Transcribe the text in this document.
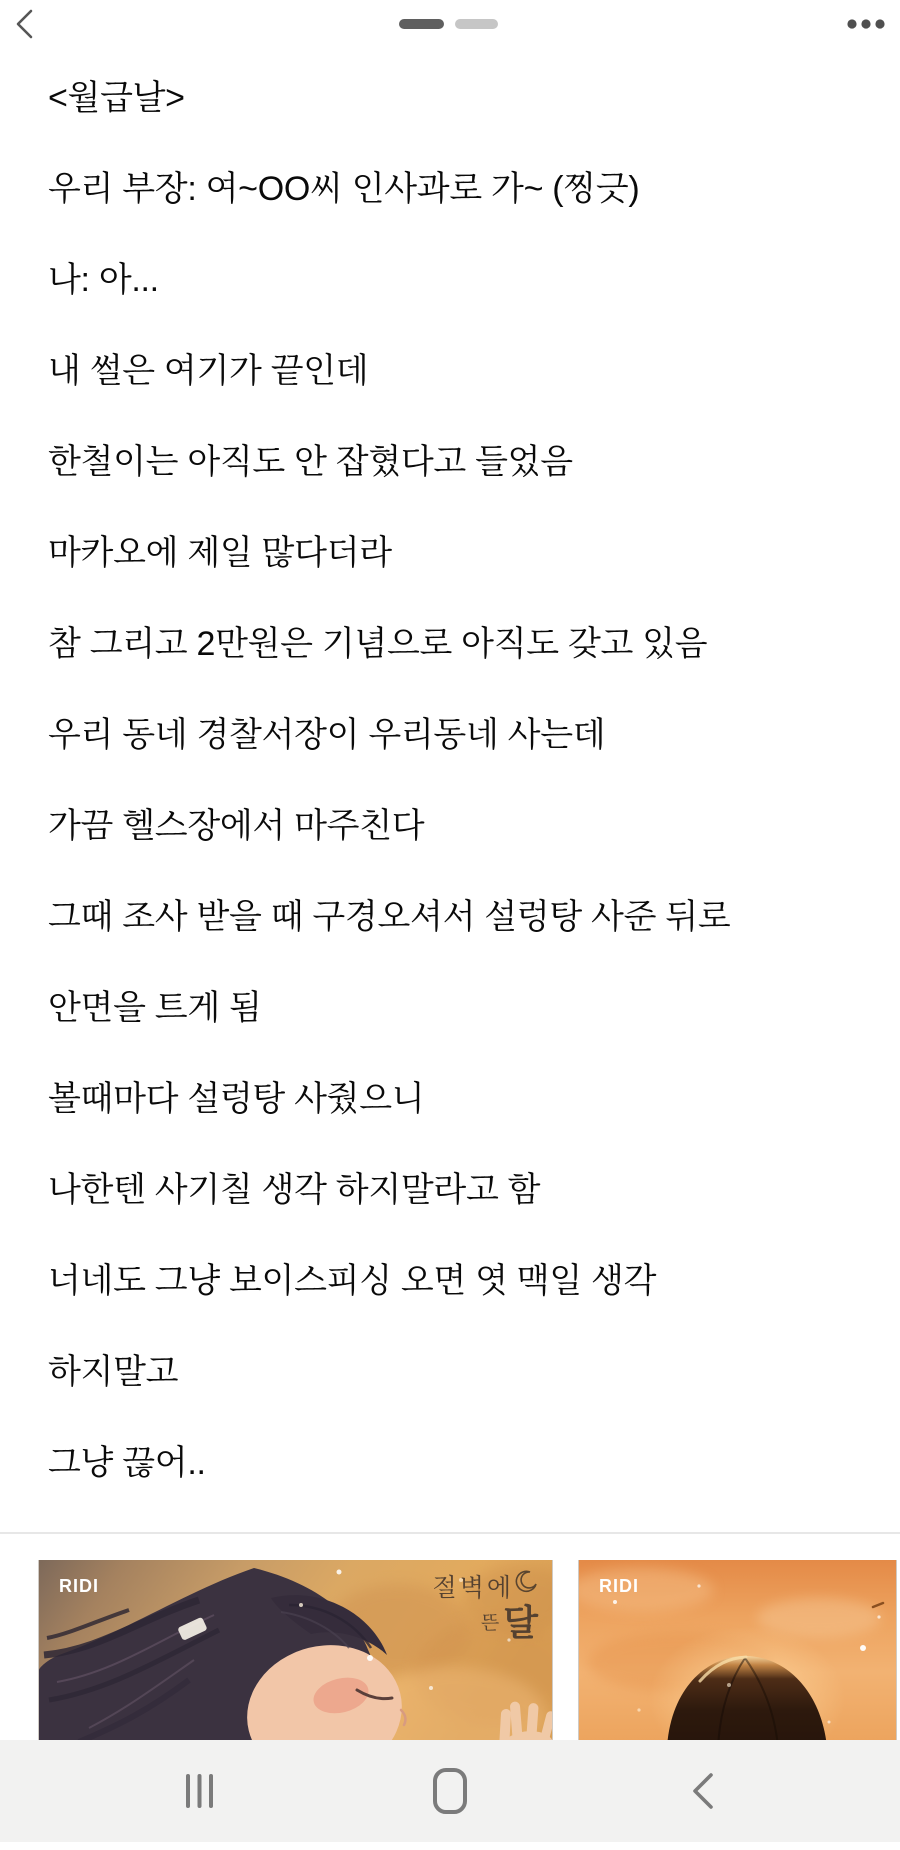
<월급날>

우리 부장: 여~OO씨 인사과로 가~ (찡긋)

나: 아...

내 썰은 여기가 끝인데

한철이는 아직도 안 잡혔다고 들었음

마카오에 제일 많다더라

참 그리고 2만원은 기념으로 아직도 갖고 있음

우리 동네 경찰서장이 우리동네 사는데

가끔 헬스장에서 마주친다

그때 조사 받을 때 구경오셔서 설렁탕 사준 뒤로

안면을 트게 됨

볼때마다 설렁탕 사줬으니

나한텐 사기칠 생각 하지말라고 함

너네도 그냥 보이스피싱 오면 엿 맥일 생각

하지말고

그냥 끊어..

RIDI	절벽에
뜬 달
RIDI
